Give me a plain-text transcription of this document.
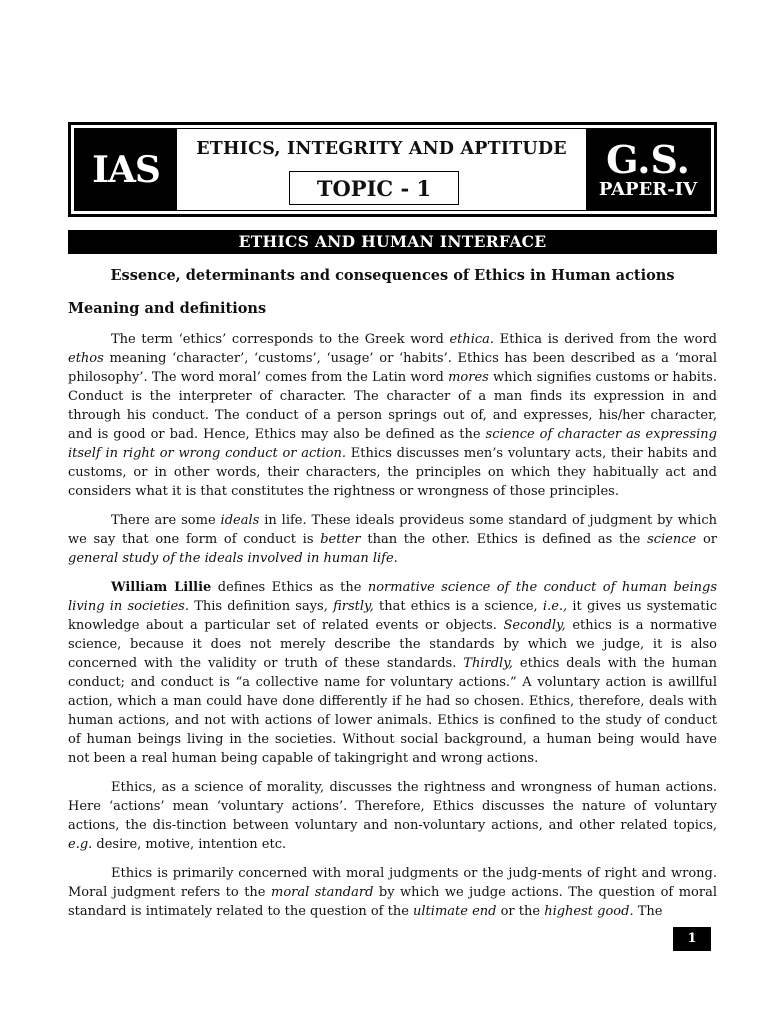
IAS	ETHICS, INTEGRITY AND APTITUDE
TOPIC - 1
G.S.
PAPER-IV
ETHICS AND HUMAN INTERFACE
Essence, determinants and consequences of Ethics in Human actions
Meaning and definitions

The term ‘ethics’ corresponds to the Greek word ethica. Ethica is derived from the word ethos meaning ‘character’, ‘customs’, ‘usage’ or ‘habits’. Ethics has been described as a ‘moral philosophy’. The word moral’ comes from the Latin word mores which signifies customs or habits. Conduct is the interpreter of character. The character of a man finds its expression in and through his conduct. The conduct of a person springs out of, and expresses, his/her character, and is good or bad. Hence, Ethics may also be defined as the science of character as expressing itself in right or wrong conduct or action. Ethics discusses men’s voluntary acts, their habits and customs, or in other words, their characters, the principles on which they habitually act and considers what it is that constitutes the rightness or wrongness of those principles.

There are some ideals in life. These ideals provideus some standard of judgment by which we say that one form of conduct is better than the other. Ethics is defined as the science or general study of the ideals involved in human life.

William Lillie defines Ethics as the normative science of the conduct of human beings living in societies. This definition says, firstly, that ethics is a science, i.e., it gives us systematic knowledge about a particular set of related events or objects. Secondly, ethics is a normative science, because it does not merely describe the standards by which we judge, it is also concerned with the validity or truth of these standards. Thirdly, ethics deals with the human conduct; and conduct is “a collective name for voluntary actions.” A voluntary action is awillful action, which a man could have done differently if he had so chosen. Ethics, therefore, deals with human actions, and not with actions of lower animals. Ethics is confined to the study of conduct of human beings living in the societies. Without social background, a human being would have not been a real human being capable of takingright and wrong actions.

Ethics, as a science of morality, discusses the rightness and wrongness of human actions. Here ‘actions’ mean ‘voluntary actions’. Therefore, Ethics discusses the nature of voluntary actions, the dis-tinction between voluntary and non-voluntary actions, and other related topics, e.g. desire, motive, intention etc.

Ethics is primarily concerned with moral judgments or the judg-ments of right and wrong. Moral judgment refers to the moral standard by which we judge actions. The question of moral standard is intimately related to the question of the ultimate end or the highest good. The

1
